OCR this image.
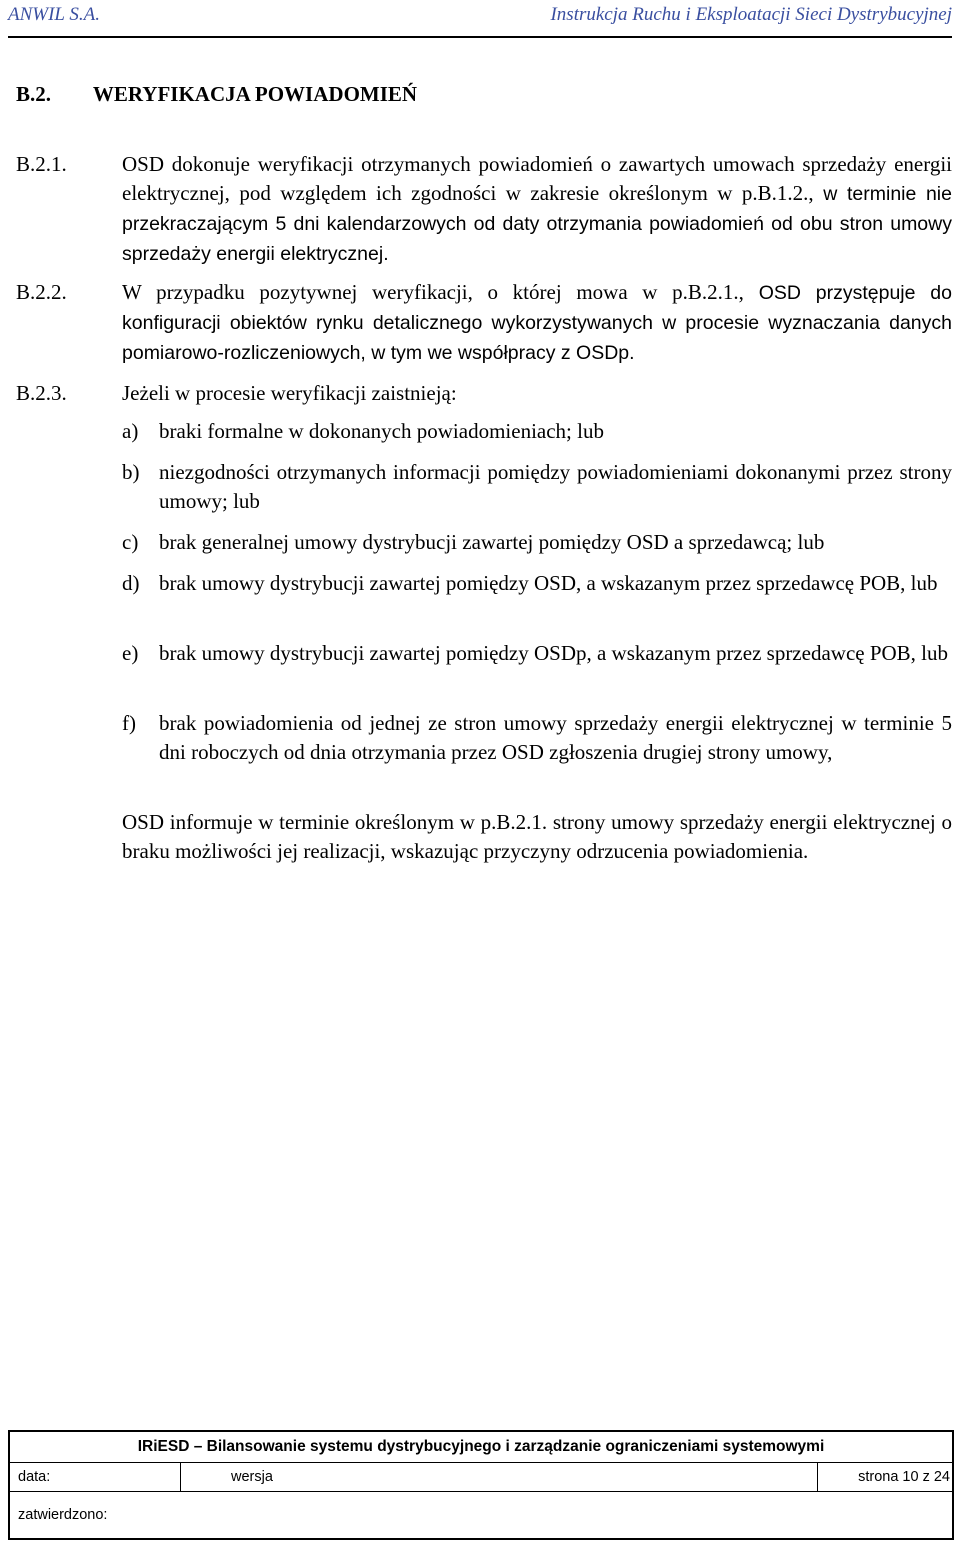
ANWIL S.A.	Instrukcja Ruchu i Eksploatacji Sieci Dystrybucyjnej
B.2. WERYFIKACJA POWIADOMIEŃ
B.2.1.	OSD dokonuje weryfikacji otrzymanych powiadomień o zawartych umowach sprzedaży energii elektrycznej, pod względem ich zgodności w zakresie określonym w p.B.1.2., w terminie nie przekraczającym 5 dni kalendarzowych od daty otrzymania powiadomień od obu stron umowy sprzedaży energii elektrycznej.
B.2.2.	W przypadku pozytywnej weryfikacji, o której mowa w p.B.2.1., OSD przystępuje do konfiguracji obiektów rynku detalicznego wykorzystywanych w procesie wyznaczania danych pomiarowo-rozliczeniowych, w tym we współpracy z OSDp.
B.2.3.	Jeżeli w procesie weryfikacji zaistnieją:
a) braki formalne w dokonanych powiadomieniach; lub
b) niezgodności otrzymanych informacji pomiędzy powiadomieniami dokonanymi przez strony umowy; lub
c) brak generalnej umowy dystrybucji zawartej pomiędzy OSD a sprzedawcą; lub
d) brak umowy dystrybucji zawartej pomiędzy OSD, a wskazanym przez sprzedawcę POB, lub
e) brak umowy dystrybucji zawartej pomiędzy OSDp, a wskazanym przez sprzedawcę POB, lub
f) brak powiadomienia od jednej ze stron umowy sprzedaży energii elektrycznej w terminie 5 dni roboczych od dnia otrzymania przez OSD zgłoszenia drugiej strony umowy,
OSD informuje w terminie określonym w p.B.2.1. strony umowy sprzedaży energii elektrycznej o braku możliwości jej realizacji, wskazując przyczyny odrzucenia powiadomienia.
IRiESD – Bilansowanie systemu dystrybucyjnego i zarządzanie ograniczeniami systemowymi
data:	wersja	strona 10 z 24
zatwierdzono:
